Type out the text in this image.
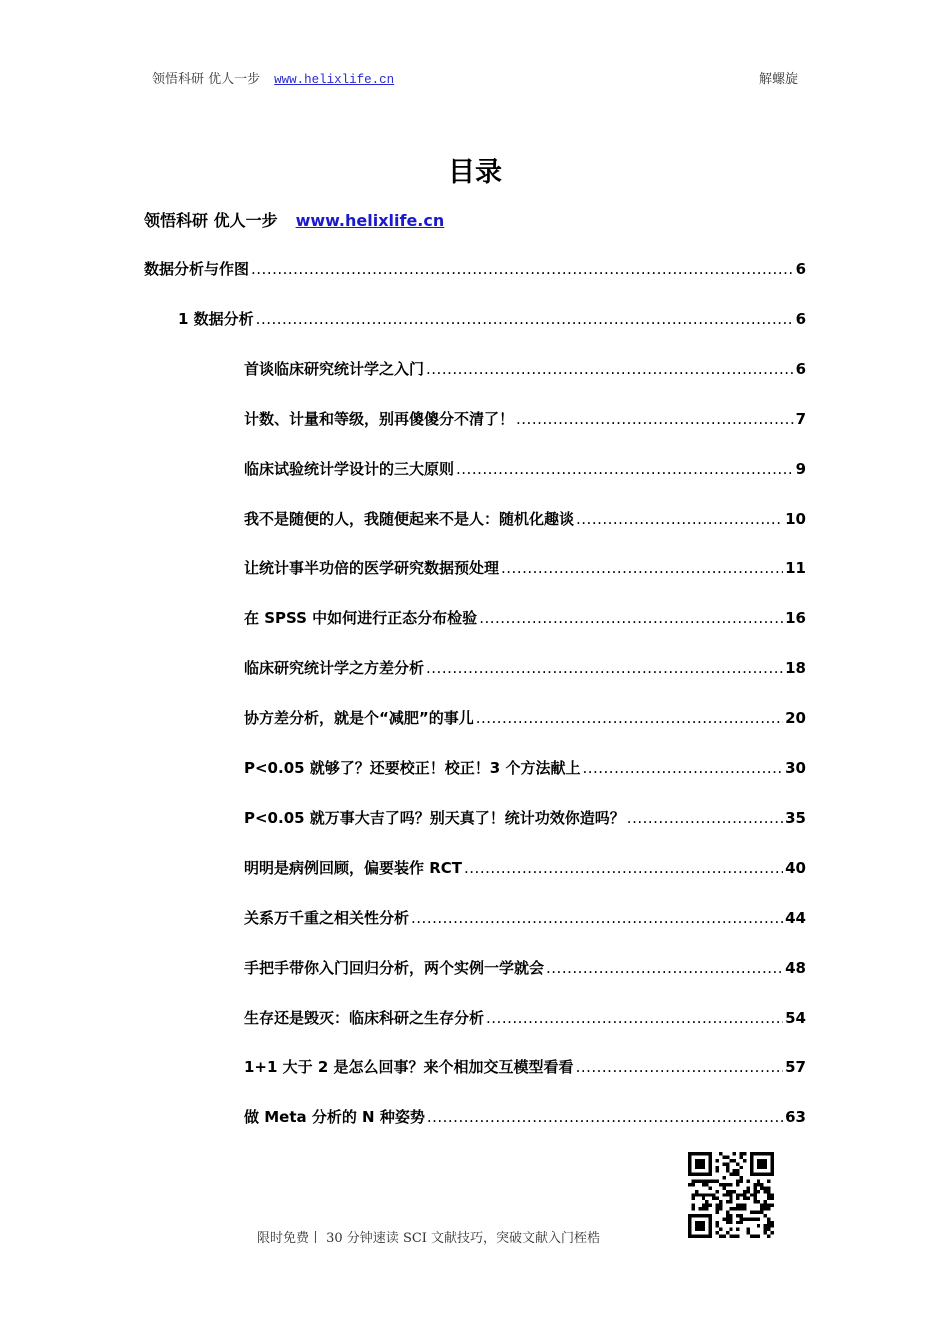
领悟科研 优人一步 www.helixlife.cn	解螺旋
目录
领悟科研 优人一步 www.helixlife.cn
数据分析与作图 .....	6
1 数据分析 .....	6
首谈临床研究统计学之入门 .....	6
计数、计量和等级，别再傻傻分不清了！ .....	7
临床试验统计学设计的三大原则 .....	9
我不是随便的人，我随便起来不是人：随机化趣谈 .....	10
让统计事半功倍的医学研究数据预处理 .....	11
在 SPSS 中如何进行正态分布检验 .....	16
临床研究统计学之方差分析 .....	18
协方差分析，就是个“减肥”的事儿 .....	20
P<0.05 就够了？还要校正！校正！3 个方法献上 .....	30
P<0.05 就万事大吉了吗？别天真了！统计功效你造吗？ .....	35
明明是病例回顾，偏要装作 RCT .....	40
关系万千重之相关性分析 .....	44
手把手带你入门回归分析，两个实例一学就会 .....	48
生存还是毁灭：临床科研之生存分析 .....	54
1+1 大于 2 是怎么回事？来个相加交互模型看看 .....	57
做 Meta 分析的 N 种姿势 .....	63
限时免费丨 30 分钟速读 SCI 文献技巧，突破文献入门桎梏
